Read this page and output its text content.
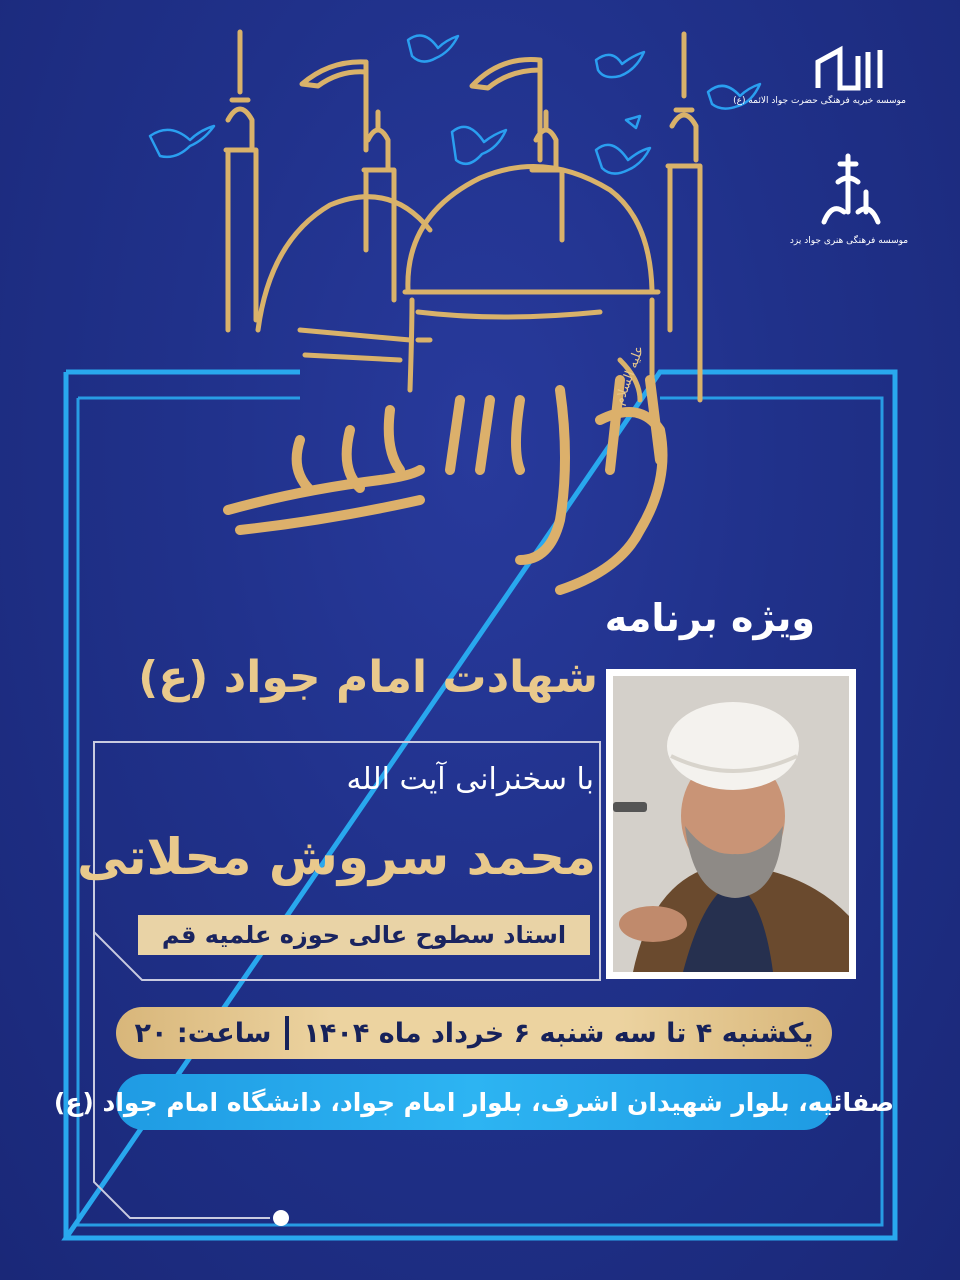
موسسه خیریه فرهنگی حضرت جواد الائمه (ع)
موسسه فرهنگی هنری جواد یزد
علیه السلام
ویژه برنامه
شهادت امام جواد (ع)
با سخنرانی آیت الله
محمد سروش محلاتی
استاد سطوح عالی حوزه علمیه قم
یکشنبه ۴ تا سه شنبه ۶ خرداد ماه ۱۴۰۴
ساعت: ۲۰
صفائیه، بلوار شهیدان اشرف، بلوار امام جواد، دانشگاه امام جواد (ع)
